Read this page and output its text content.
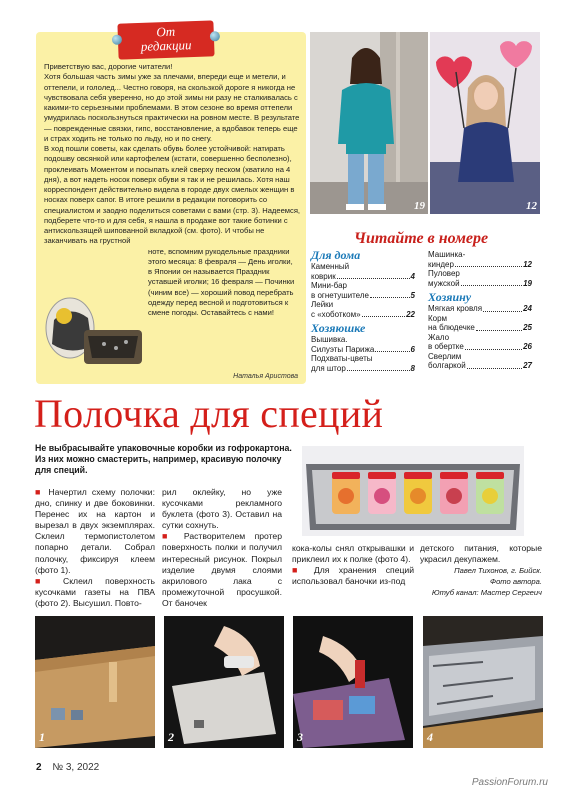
Приветствую вас, дорогие читатели!

Хотя большая часть зимы уже за плечами, впереди еще и метели, и оттепели, и гололед... Честно говоря, на скользкой дороге я никогда не чувствовала себя уверенно, но до этой зимы ни разу не сталкивалась с какими-то серьезными проблемами. В этом сезоне во время оттепели умудрилась поскользнуться практически на ровном месте. В результате — поврежденные связки, гипс, восстановление, а вдобавок теперь еще и страх ходить не только по льду, но и по снегу.

В ход пошли советы, как сделать обувь более устойчивой: натирать подошву овсянкой или картофелем (кстати, совершенно бесполезно), проклеивать Моментом и посыпать клей сверху песком (хватило на 4 дня), а вот надеть носок поверх обуви я так и не решилась. Хотя наш корреспондент действительно видела в городе двух смелых женщин в носках поверх сапог. В итоге решили в редакции поговорить со специалистом и заодно поделиться советами с вами (стр. 3). Надеемся, подберете что-то и для себя, я нашла в продаже вот такие ботинки с антискользящей шипованной вкладкой (см. фото). И чтобы не заканчивать на грустной

ноте, вспомним рукодельные праздники этого месяца: 8 февраля — День иголки, в Японии он называется Праздник уставшей иголки; 16 февраля — Починки (чиним все) — хороший повод перебрать одежду перед весной и подготовиться к смене погоды. Оставайтесь с нами!

Наталья Аристова
От
редакции
19	12
Читайте в номере
Для дома
Каменный
коврик	4
Мини-бар
в огнетушителе	5
Лейки
с «хоботком»	22
Хозяюшке
Вышивка.
Силуэты Парижа	6
Подхваты-цветы
для штор	8
Машинка-
киндер	12
Пуловер
мужской	19
Хозяину
Мягкая кровля	24
Корм
на блюдечке	25
Жало
в обертке	26
Сверлим
болгаркой	27
Полочка для специй
Не выбрасывайте упаковочные коробки из гофрокартона. Из них можно смастерить, например, красивую полочку для специй.

■ Начертил схему полочки: дно, спинку и две боковинки. Перенес их на картон и вырезал в двух экземплярах. Склеил термопистолетом попарно детали. Собрал полочку, фиксируя клеем (фото 1).

■ Склеил поверхность кусочками газеты на ПВА (фото 2). Высушил. Повто-

рил оклейку, но уже кусочками рекламного буклета (фото 3). Оставил на сутки сохнуть.

■ Растворителем протер поверхность полки и получил интересный рисунок. Покрыл изделие двумя слоями акрилового лака с промежуточной просушкой. От баночек

кока-колы снял открывашки и приклеил их к полке (фото 4).

■ Для хранения специй использовал баночки из-под

детского питания, которые украсил декупажем.

Павел Тихонов, г. Бийск.
Фото автора.
Ютуб канал: Мастер Сергеич
1	2	3	4
2 № 3, 2022
PassionForum.ru
